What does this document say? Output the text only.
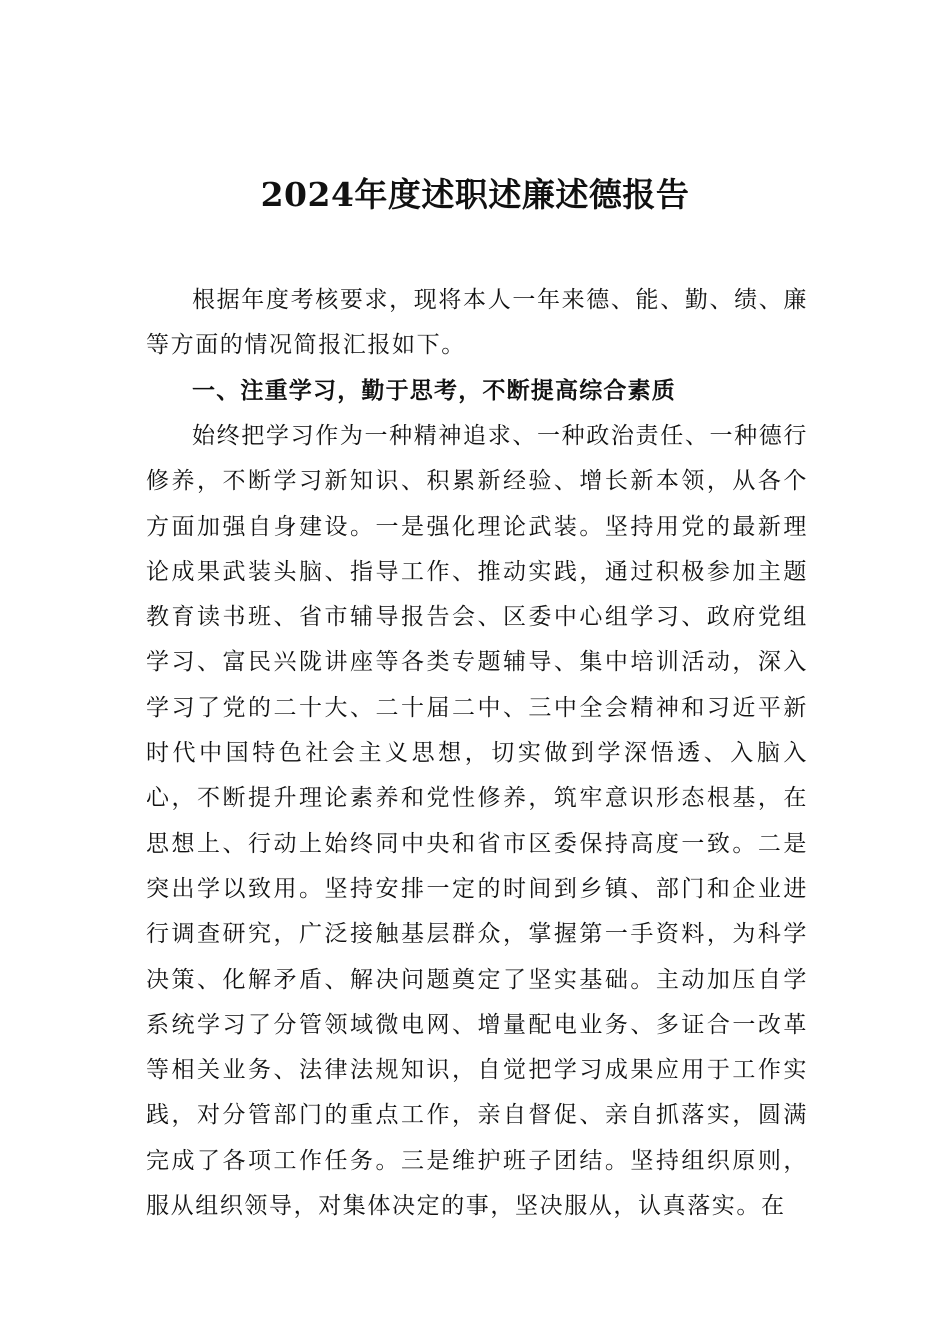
2024年度述职述廉述德报告

根据年度考核要求，现将本人一年来德、能、勤、绩、廉等方面的情况简报汇报如下。

一、注重学习，勤于思考，不断提高综合素质

始终把学习作为一种精神追求、一种政治责任、一种德行修养，不断学习新知识、积累新经验、增长新本领，从各个方面加强自身建设。一是强化理论武装。坚持用党的最新理论成果武装头脑、指导工作、推动实践，通过积极参加主题教育读书班、省市辅导报告会、区委中心组学习、政府党组学习、富民兴陇讲座等各类专题辅导、集中培训活动，深入学习了党的二十大、二十届二中、三中全会精神和习近平新时代中国特色社会主义思想，切实做到学深悟透、入脑入心，不断提升理论素养和党性修养，筑牢意识形态根基，在思想上、行动上始终同中央和省市区委保持高度一致。二是突出学以致用。坚持安排一定的时间到乡镇、部门和企业进行调查研究，广泛接触基层群众，掌握第一手资料，为科学决策、化解矛盾、解决问题奠定了坚实基础。主动加压自学系统学习了分管领域微电网、增量配电业务、多证合一改革等相关业务、法律法规知识，自觉把学习成果应用于工作实践，对分管部门的重点工作，亲自督促、亲自抓落实，圆满完成了各项工作任务。三是维护班子团结。坚持组织原则，服从组织领导，对集体决定的事，坚决服从，认真落实。在
